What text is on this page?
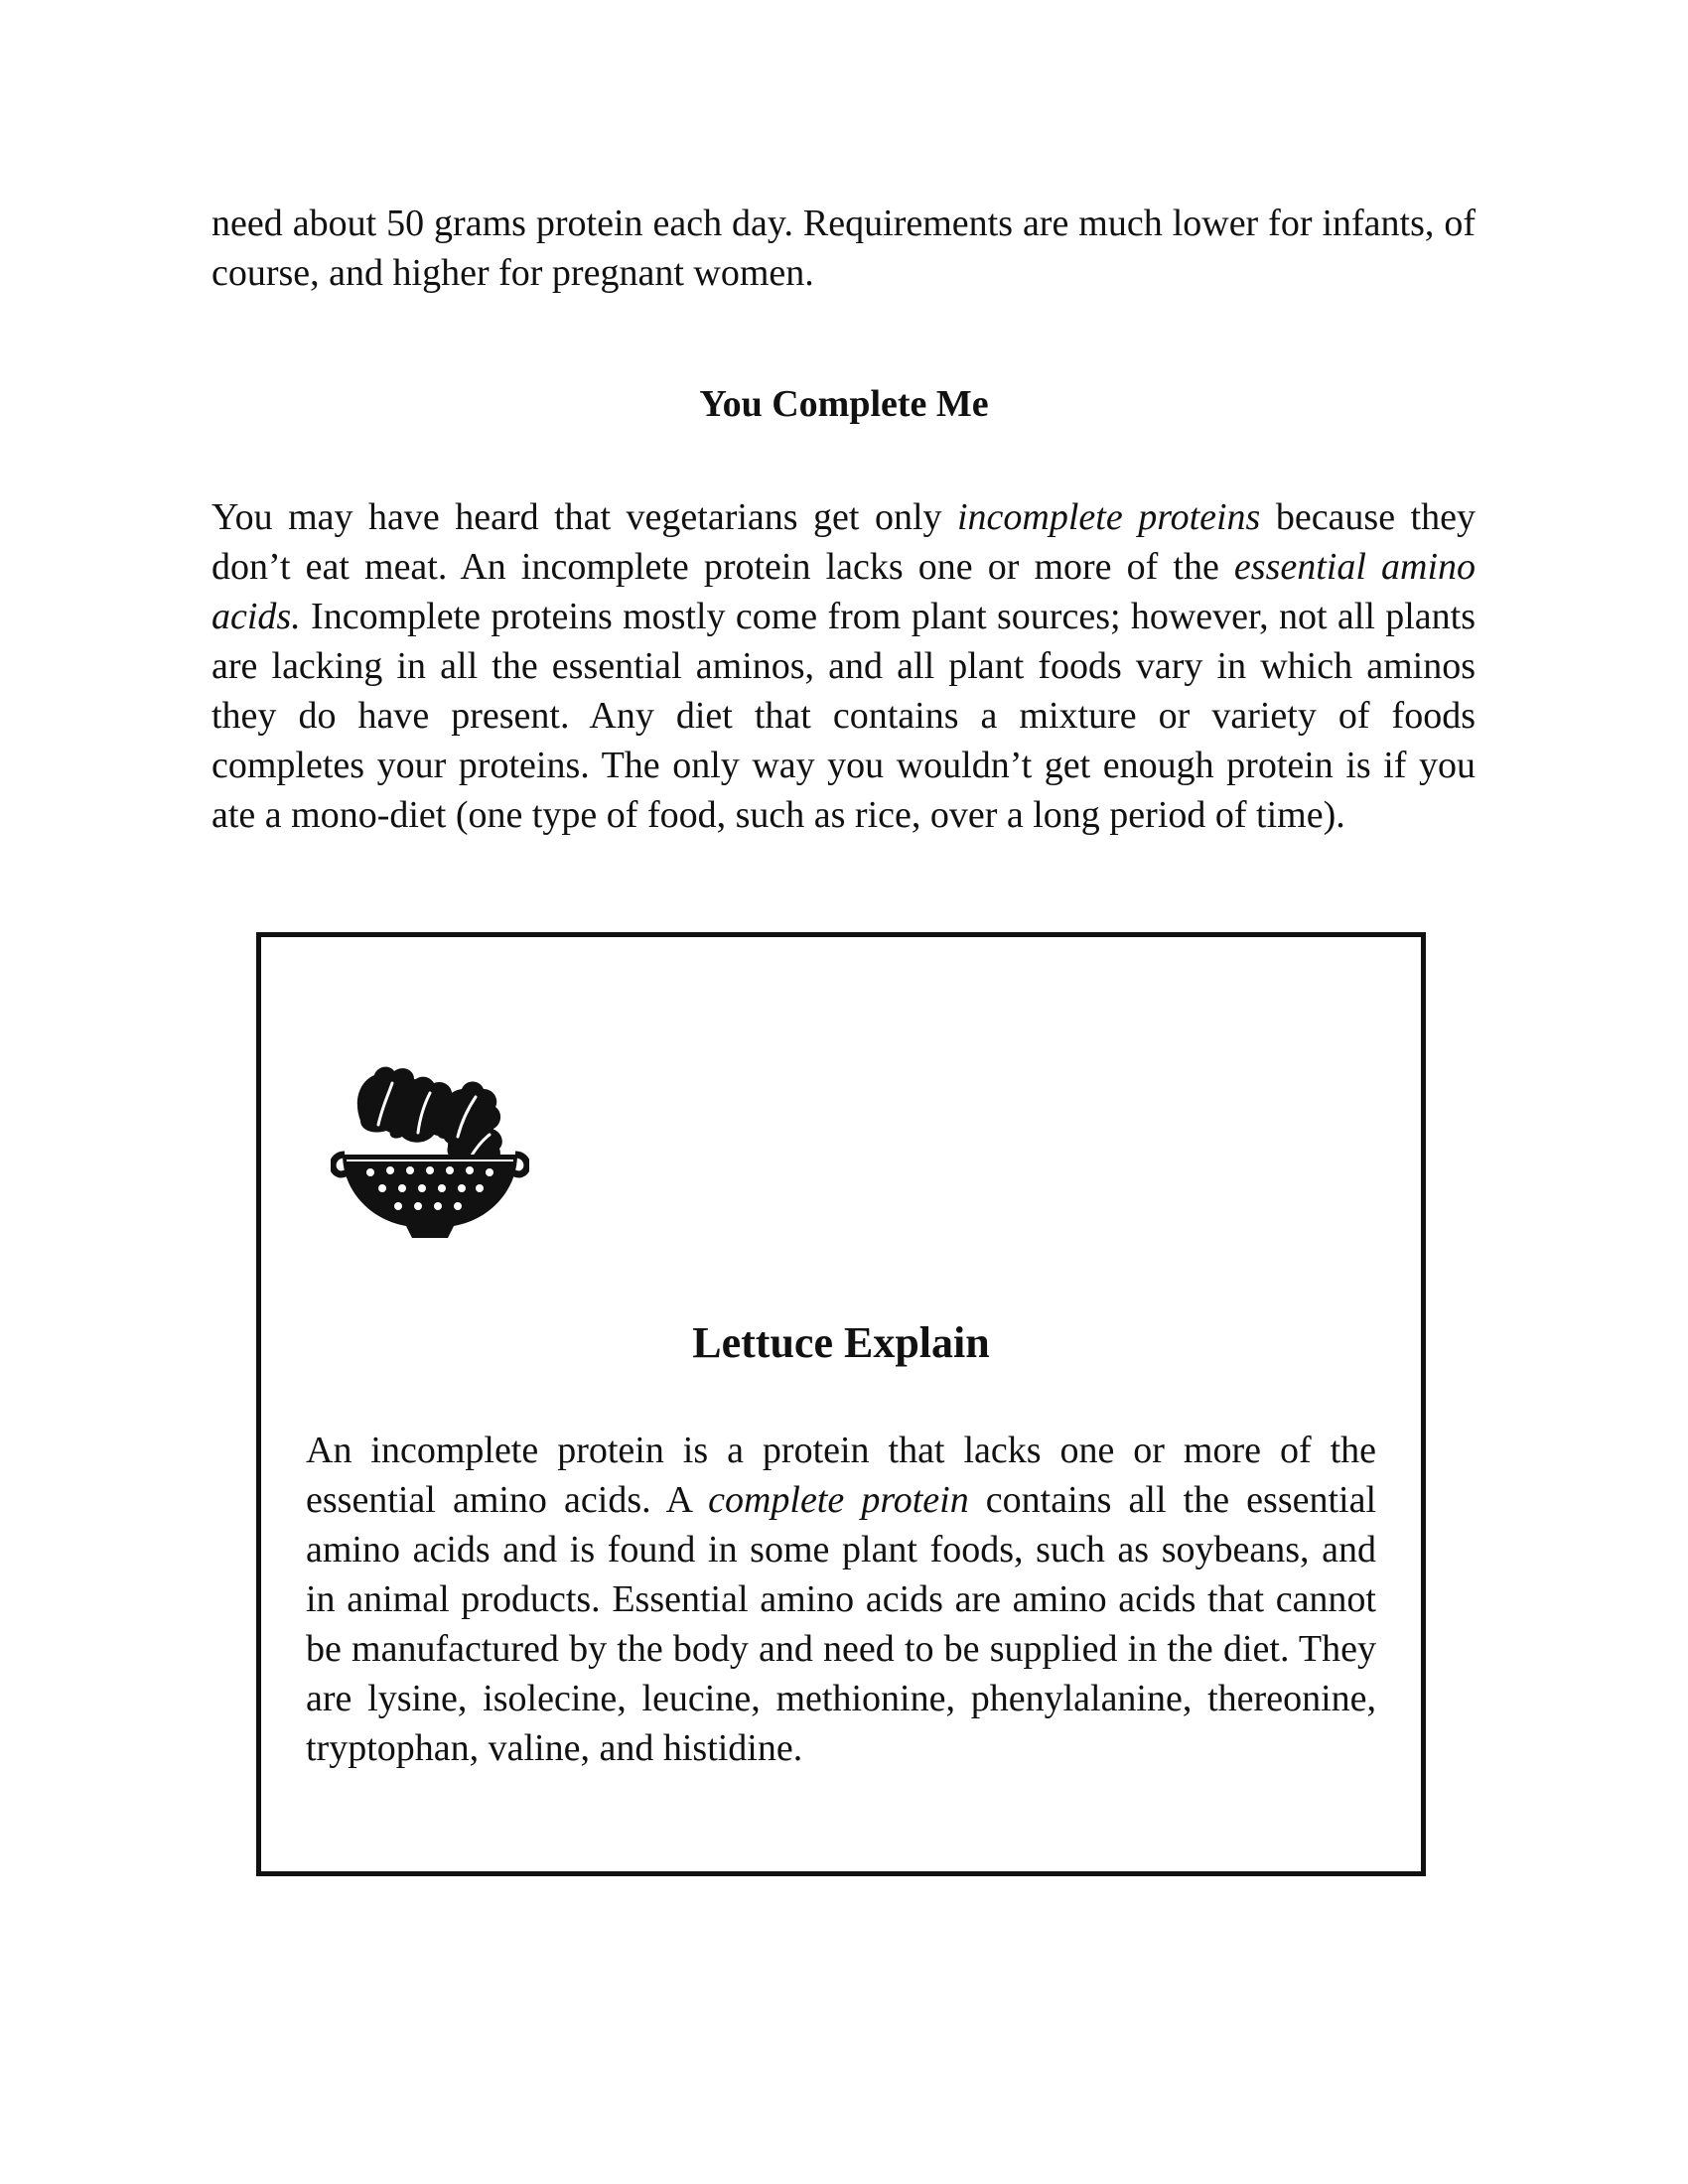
need about 50 grams protein each day. Requirements are much lower for infants, of course, and higher for pregnant women.

You Complete Me

You may have heard that vegetarians get only incomplete proteins because they don’t eat meat. An incomplete protein lacks one or more of the essential amino acids. Incomplete proteins mostly come from plant sources; however, not all plants are lacking in all the essential aminos, and all plant foods vary in which aminos they do have present. Any diet that contains a mixture or variety of foods completes your proteins. The only way you wouldn’t get enough protein is if you ate a mono-diet (one type of food, such as rice, over a long period of time).

Lettuce Explain

An incomplete protein is a protein that lacks one or more of the essential amino acids. A complete protein contains all the essential amino acids and is found in some plant foods, such as soybeans, and in animal products. Essential amino acids are amino acids that cannot be manufactured by the body and need to be supplied in the diet. They are lysine, isolecine, leucine, methionine, phenylalanine, thereonine, tryptophan, valine, and histidine.
